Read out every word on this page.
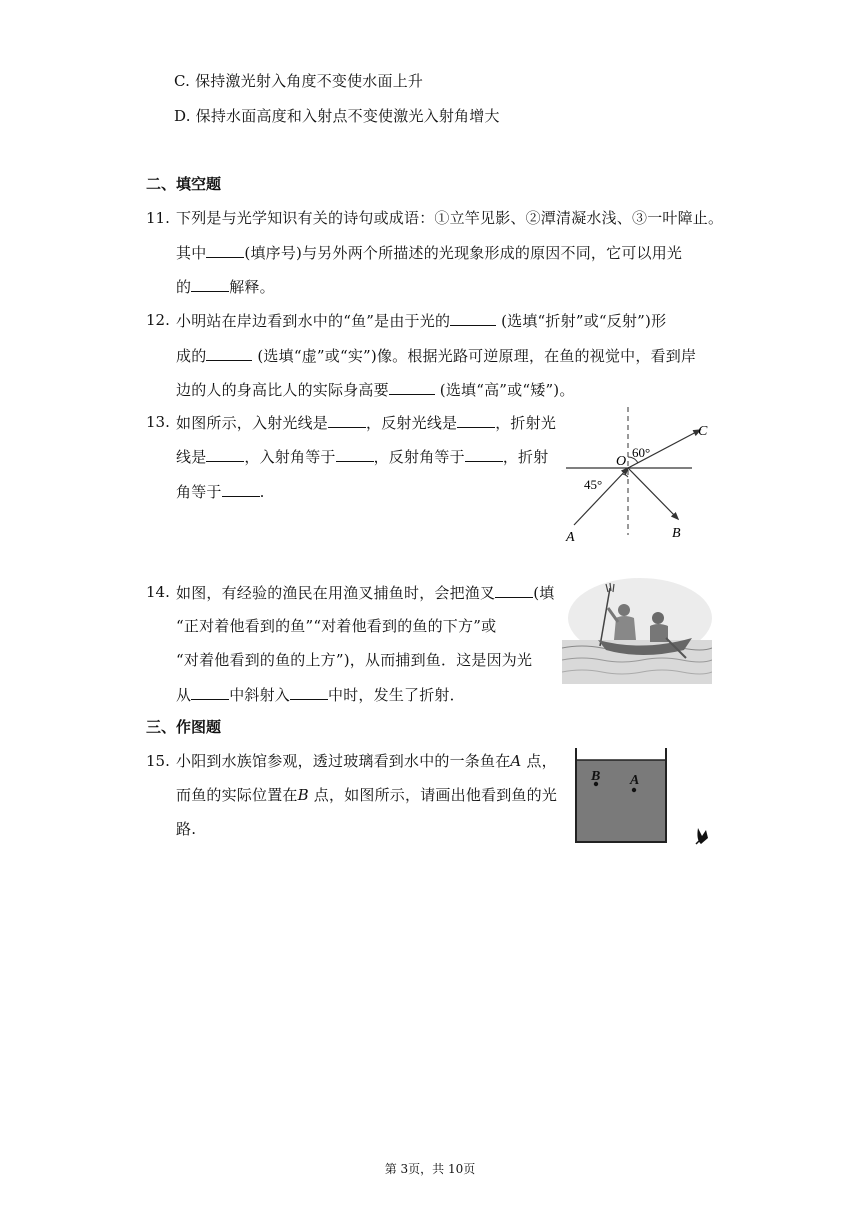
C. 保持激光射入角度不变使水面上升
D. 保持水面高度和入射点不变使激光入射角增大
二、填空题
11. 下列是与光学知识有关的诗句或成语：①立竿见影、②潭清凝水浅、③一叶障止。
其中	(填序号)与另外两个所描述的光现象形成的原因不同，它可以用光
的	解释。
12. 小明站在岸边看到水中的“鱼”是由于光的	(选填“折射”或“反射”)形
成的	(选填“虚”或“实”)像。根据光路可逆原理，在鱼的视觉中，看到岸
边的人的身高比人的实际身高要	(选填“高”或“矮”)。
13. 如图所示，入射光线是	，反射光线是	，折射光
线是	，入射角等于	，反射角等于	，折射
角等于	.
C
O
A	B
60°
45°
14. 如图，有经验的渔民在用渔叉捕鱼时，会把渔叉	(填
“正对着他看到的鱼”“对着他看到的鱼的下方”或
“对着他看到的鱼的上方”)，从而捕到鱼．这是因为光
从	中斜射入	中时，发生了折射．
三、作图题
15. 小阳到水族馆参观，透过玻璃看到水中的一条鱼在A 点，
而鱼的实际位置在B 点，如图所示，请画出他看到鱼的光
路.
B A
第 3页，共 10页
